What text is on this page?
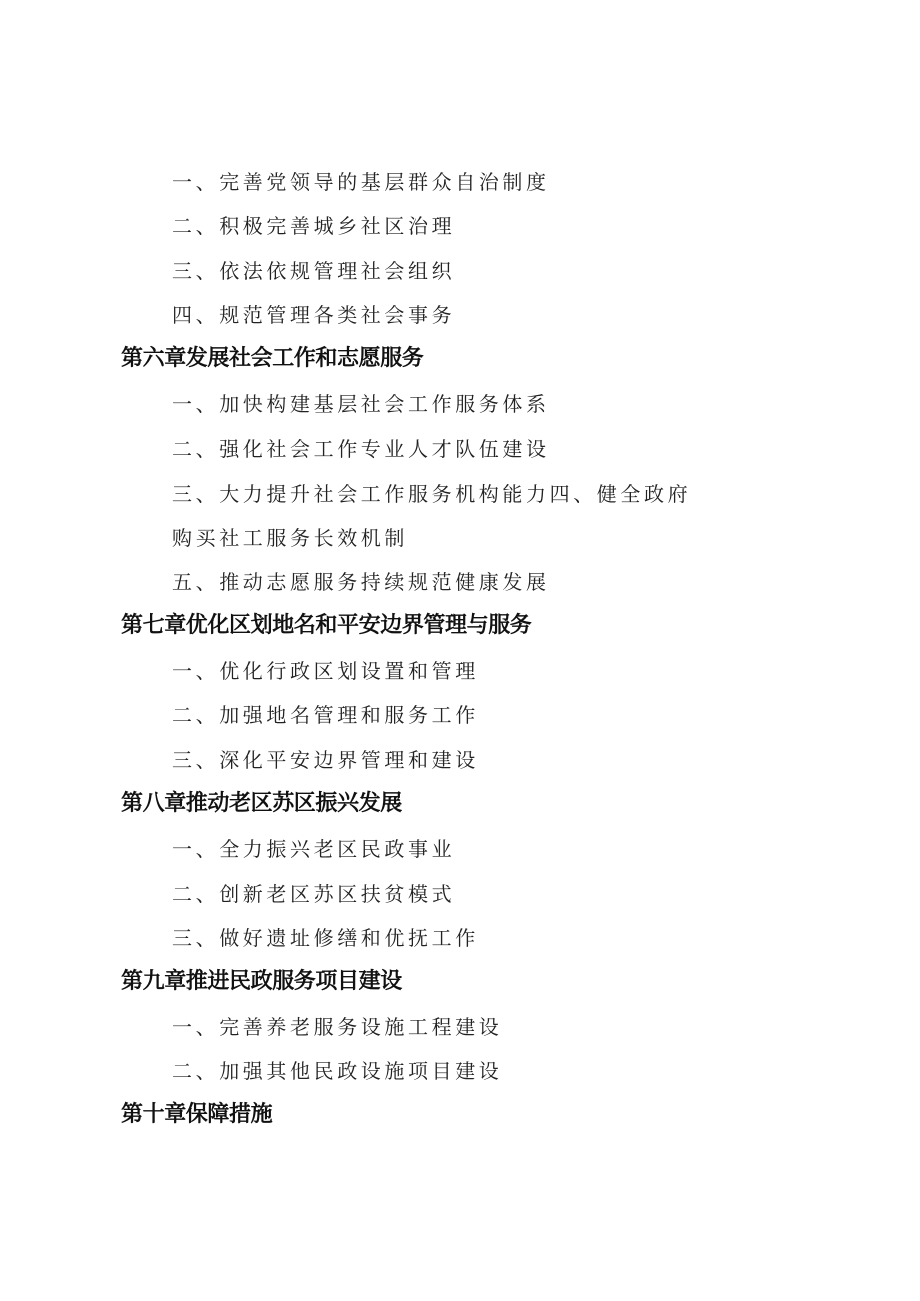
一、完善党领导的基层群众自治制度
二、积极完善城乡社区治理
三、依法依规管理社会组织
四、规范管理各类社会事务
第六章发展社会工作和志愿服务
一、加快构建基层社会工作服务体系
二、强化社会工作专业人才队伍建设
三、大力提升社会工作服务机构能力四、健全政府
购买社工服务长效机制
五、推动志愿服务持续规范健康发展
第七章优化区划地名和平安边界管理与服务
一、优化行政区划设置和管理
二、加强地名管理和服务工作
三、深化平安边界管理和建设
第八章推动老区苏区振兴发展
一、全力振兴老区民政事业
二、创新老区苏区扶贫模式
三、做好遗址修缮和优抚工作
第九章推进民政服务项目建设
一、完善养老服务设施工程建设
二、加强其他民政设施项目建设
第十章保障措施
